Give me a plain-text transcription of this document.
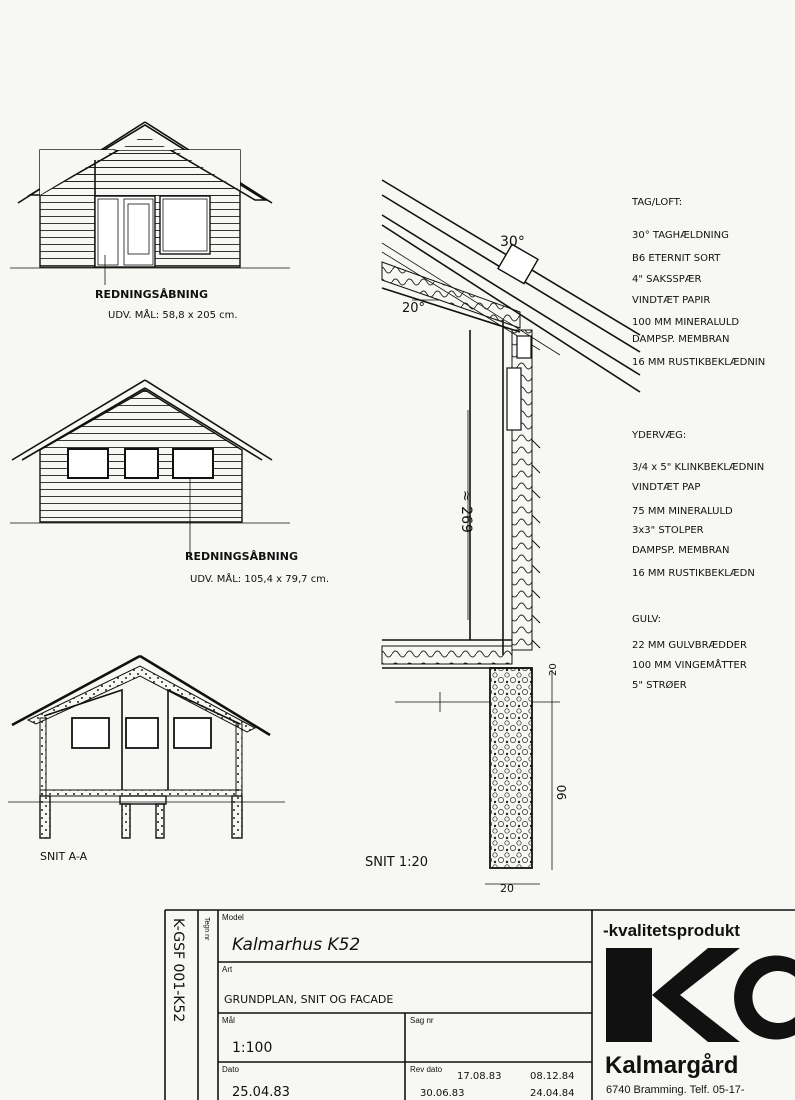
REDNINGSÅBNING
UDV. MÅL: 58,8 x 205 cm.
REDNINGSÅBNING
UDV. MÅL: 105,4 x 79,7 cm.
SNIT A-A
30°
20°
≈ 269
20
90
20
SNIT 1:20
TAG/LOFT:
30° TAGHÆLDNING
B6 ETERNIT SORT
4" SAKSSPÆR
VINDTÆT PAPIR
100 MM MINERALULD
DAMPSP. MEMBRAN
16 MM RUSTIKBEKLÆDNIN
YDERVÆG:
3/4 x 5" KLINKBEKLÆDNIN
VINDTÆT PAP
75 MM MINERALULD
3x3" STOLPER
DAMPSP. MEMBRAN
16 MM RUSTIKBEKLÆDN
GULV:
22 MM GULVBRÆDDER
100 MM VINGEMÅTTER
5" STRØER
Tegn nr
K-GSF 001-K52
Model
Kalmarhus K52
Art
GRUNDPLAN, SNIT OG FACADE
Mål
1:100
Sag nr
Dato
25.04.83
Rev dato
17.08.83	08.12.84
30.06.83	24.04.84
-kvalitetsprodukt
Kalmargård
6740 Bramming. Telf. 05-17-
